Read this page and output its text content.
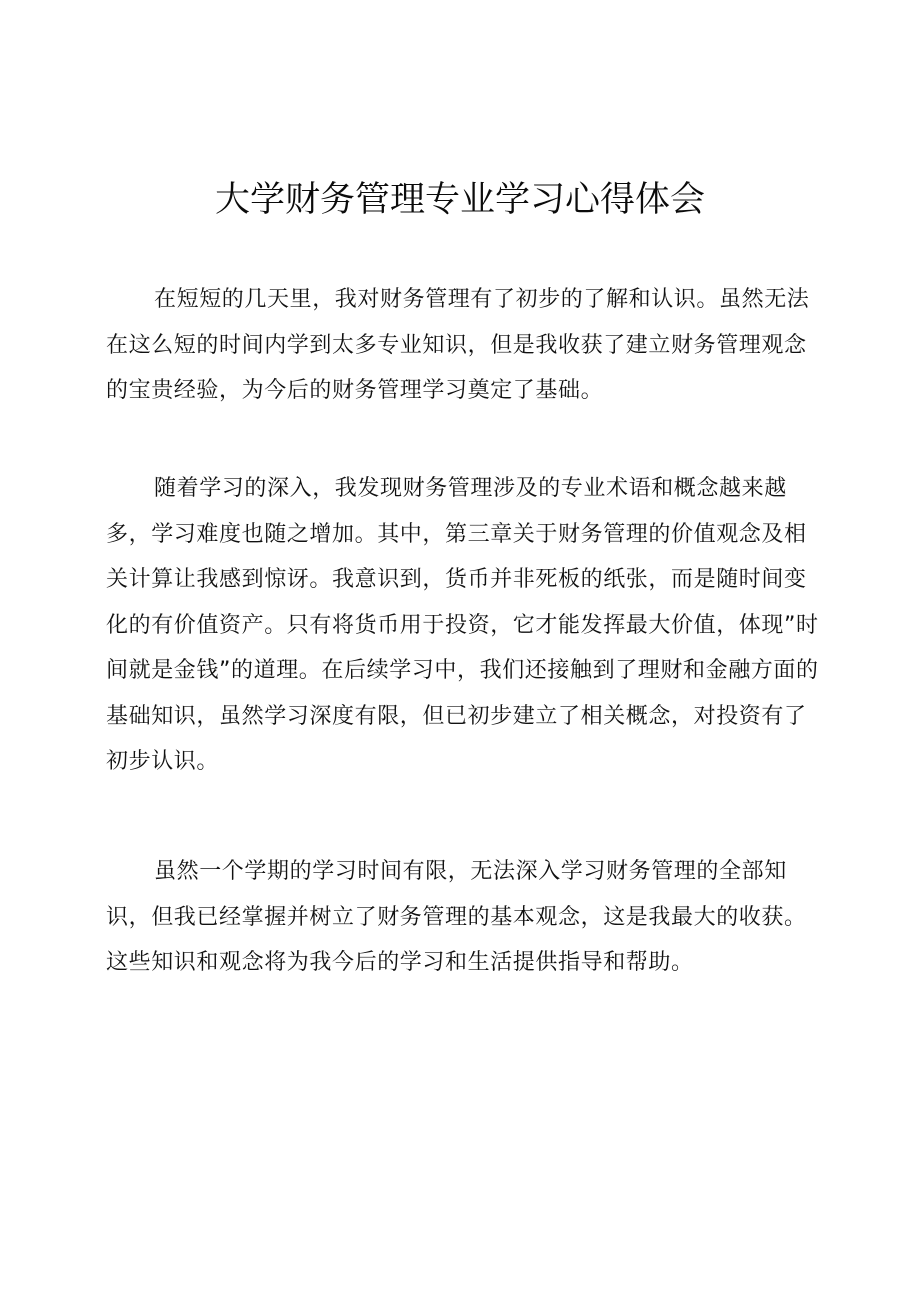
大学财务管理专业学习心得体会

在短短的几天里，我对财务管理有了初步的了解和认识。虽然无法在这么短的时间内学到太多专业知识，但是我收获了建立财务管理观念的宝贵经验，为今后的财务管理学习奠定了基础。

随着学习的深入，我发现财务管理涉及的专业术语和概念越来越多，学习难度也随之增加。其中，第三章关于财务管理的价值观念及相关计算让我感到惊讶。我意识到，货币并非死板的纸张，而是随时间变化的有价值资产。只有将货币用于投资，它才能发挥最大价值，体现”时间就是金钱”的道理。在后续学习中，我们还接触到了理财和金融方面的基础知识，虽然学习深度有限，但已初步建立了相关概念，对投资有了初步认识。

虽然一个学期的学习时间有限，无法深入学习财务管理的全部知识，但我已经掌握并树立了财务管理的基本观念，这是我最大的收获。这些知识和观念将为我今后的学习和生活提供指导和帮助。
